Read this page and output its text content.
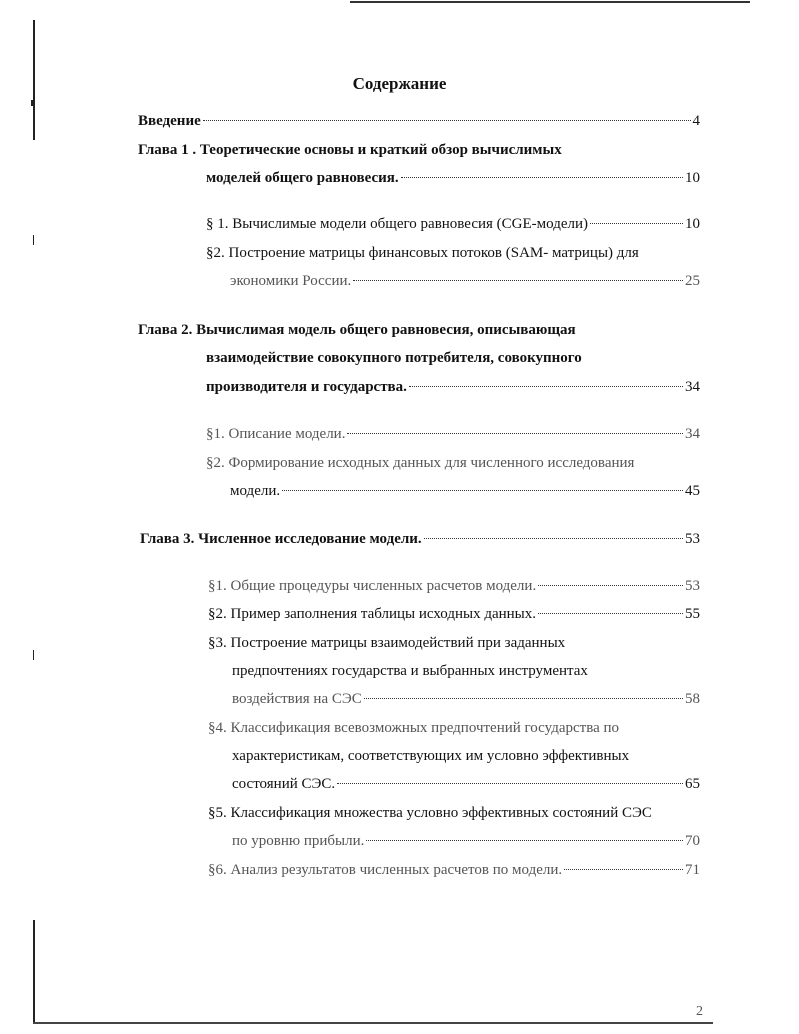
Содержание
Введение	4
Глава 1 . Теоретические основы и краткий обзор вычислимых
моделей общего равновесия.	10
§ 1. Вычислимые модели общего равновесия (CGE-модели)	10
§2. Построение матрицы финансовых потоков (SAM- матрицы) для
экономики России.	25
Глава 2. Вычислимая модель общего равновесия, описывающая
взаимодействие совокупного потребителя, совокупного
производителя и государства.	34
§1. Описание модели.	34
§2. Формирование исходных данных для численного исследования
модели.	45
Глава 3. Численное исследование модели.	53
§1. Общие процедуры численных расчетов модели.	53
§2. Пример заполнения таблицы исходных данных.	55
§3. Построение матрицы взаимодействий при заданных
предпочтениях государства и выбранных инструментах
воздействия на СЭС	58
§4. Классификация всевозможных предпочтений государства по
характеристикам, соответствующих им условно эффективных
состояний СЭС.	65
§5. Классификация множества условно эффективных состояний СЭС
по уровню прибыли.	70
§6. Анализ результатов численных расчетов по модели.	71
2
